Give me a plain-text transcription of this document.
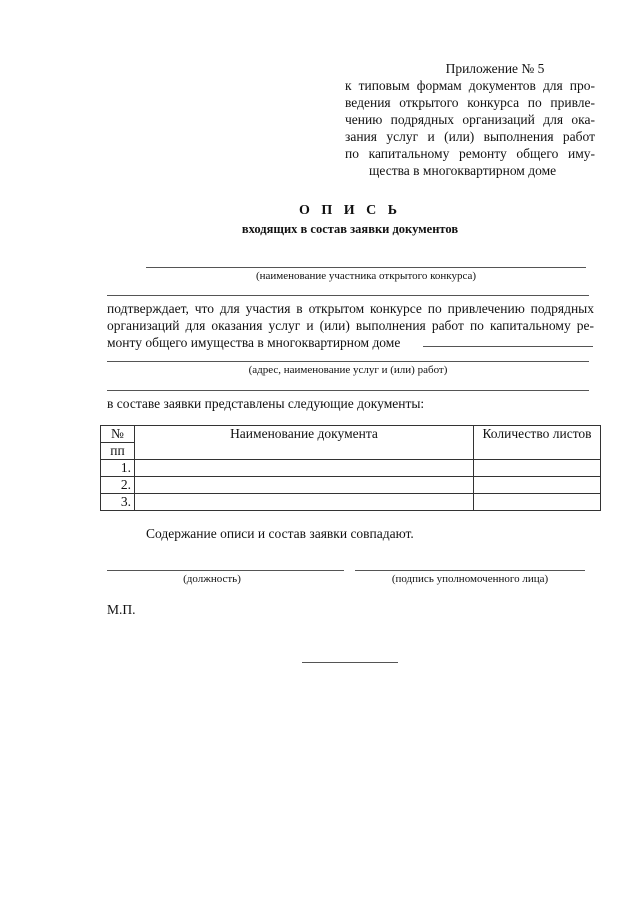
Приложение № 5
к типовым формам документов для про-
ведения открытого конкурса по привле-
чению подрядных организаций для ока-
зания услуг и (или) выполнения работ
по капитальному ремонту общего иму-
щества в многоквартирном доме
О П И С Ь
входящих в состав заявки документов
(наименование участника открытого конкурса)
подтверждает, что для участия в открытом конкурсе по привлечению подрядных
организаций для оказания услуг и (или) выполнения работ по капитальному ре-
монту общего имущества в многоквартирном доме
(адрес, наименование услуг и (или) работ)
в составе заявки представлены следующие документы:
№	Наименование документа	Количество листов
пп		
1.		
2.		
3.		
Содержание описи и состав заявки совпадают.
(должность)	(подпись уполномоченного лица)
М.П.
